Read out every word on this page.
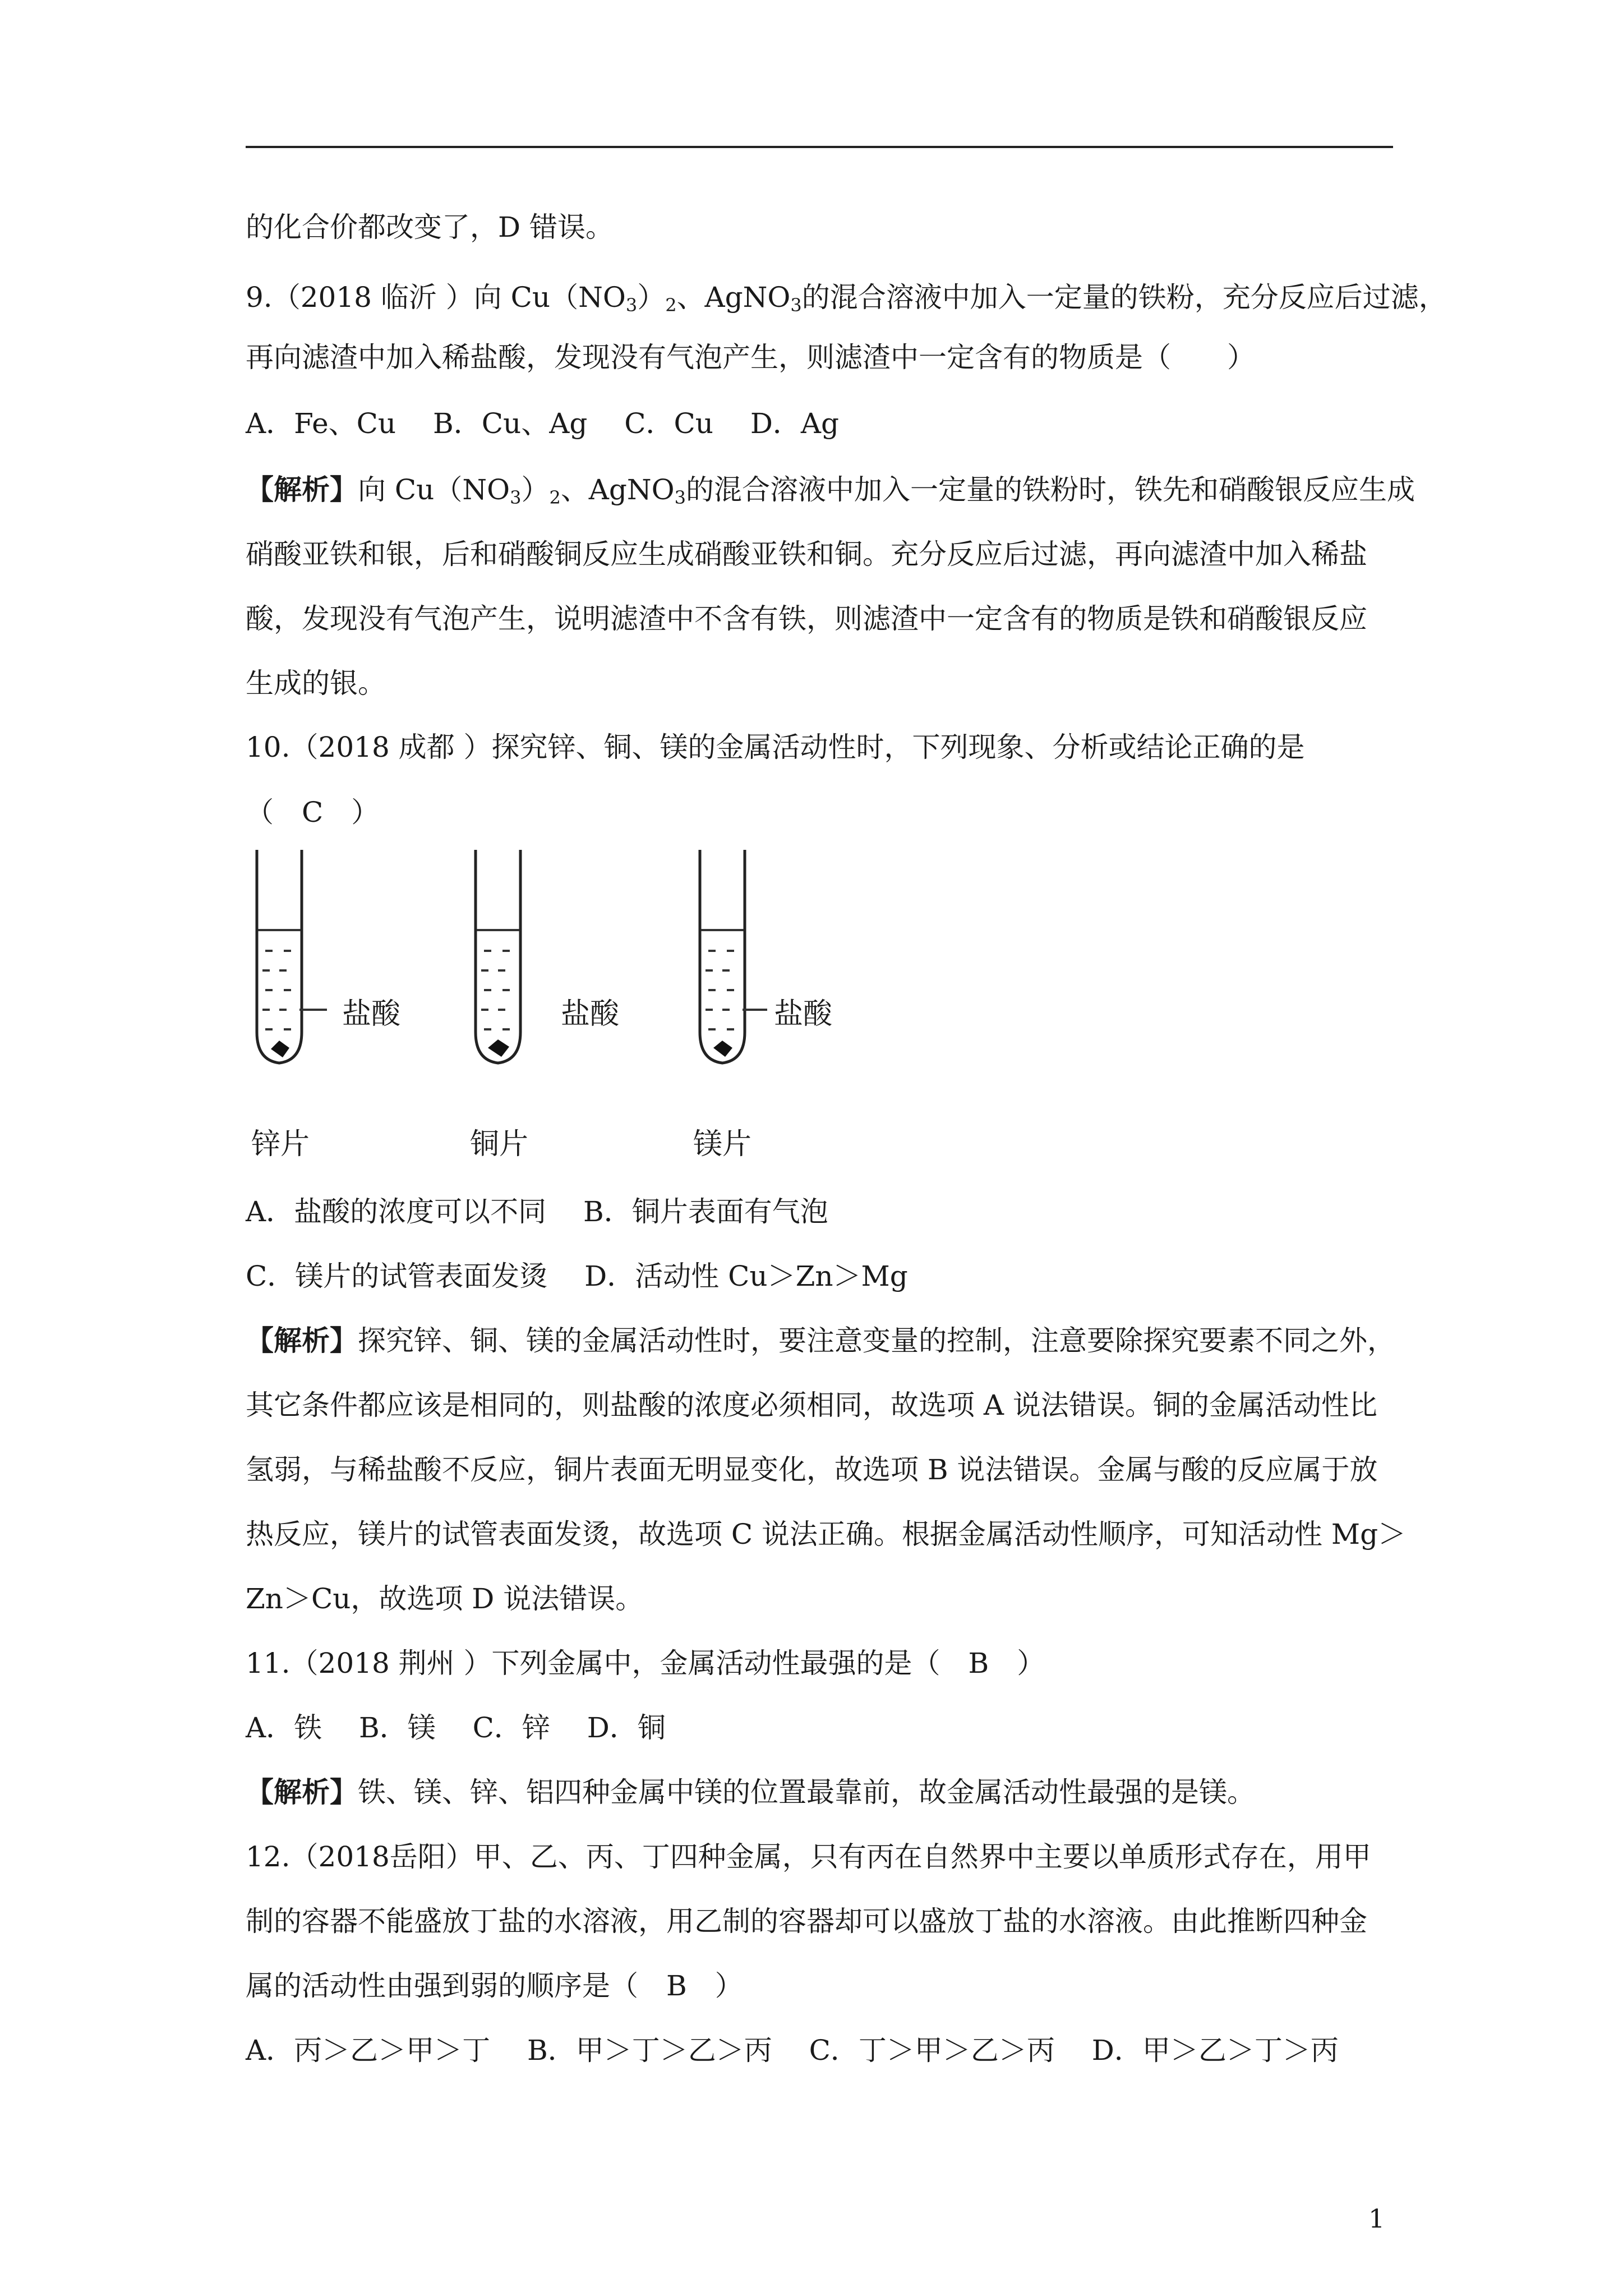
的化合价都改变了，D 错误。
9.（2018 临沂 ）向 $Cu(NO_3)_2$、AgNO$_3$的混合溶液中加入一定量的铁粉，充分反应后过滤，
再向滤渣中加入稀盐酸，发现没有气泡产生，则滤渣中一定含有的物质是（　　）
A．Fe、Cu　 B．Cu、Ag　 C．Cu　 D．Ag
【解析】向 $Cu(NO_3)_2$、AgNO$_3$的混合溶液中加入一定量的铁粉时，铁先和硝酸银反应生成
硝酸亚铁和银，后和硝酸铜反应生成硝酸亚铁和铜。充分反应后过滤，再向滤渣中加入稀盐
酸，发现没有气泡产生，说明滤渣中不含有铁，则滤渣中一定含有的物质是铁和硝酸银反应
生成的银。
10.（2018 成都 ）探究锌、铜、镁的金属活动性时，下列现象、分析或结论正确的是
（　C　）
盐酸	盐酸	盐酸
锌片	铜片	镁片
A．盐酸的浓度可以不同　 B．铜片表面有气泡
C．镁片的试管表面发烫　 D．活动性 Cu＞Zn＞Mg
【解析】探究锌、铜、镁的金属活动性时，要注意变量的控制，注意要除探究要素不同之外，
其它条件都应该是相同的，则盐酸的浓度必须相同，故选项 A 说法错误。铜的金属活动性比
氢弱，与稀盐酸不反应，铜片表面无明显变化，故选项 B 说法错误。金属与酸的反应属于放
热反应，镁片的试管表面发烫，故选项 C 说法正确。根据金属活动性顺序，可知活动性 Mg＞
Zn＞Cu，故选项 D 说法错误。
11.（2018 荆州 ）下列金属中，金属活动性最强的是（　B　）
A．铁　 B．镁　 C．锌　 D．铜
【解析】铁、镁、锌、铝四种金属中镁的位置最靠前，故金属活动性最强的是镁。
12.（2018岳阳）甲、乙、丙、丁四种金属，只有丙在自然界中主要以单质形式存在，用甲
制的容器不能盛放丁盐的水溶液，用乙制的容器却可以盛放丁盐的水溶液。由此推断四种金
属的活动性由强到弱的顺序是（　B　）
A．丙＞乙＞甲＞丁　 B．甲＞丁＞乙＞丙　 C．丁＞甲＞乙＞丙　 D．甲＞乙＞丁＞丙
1
